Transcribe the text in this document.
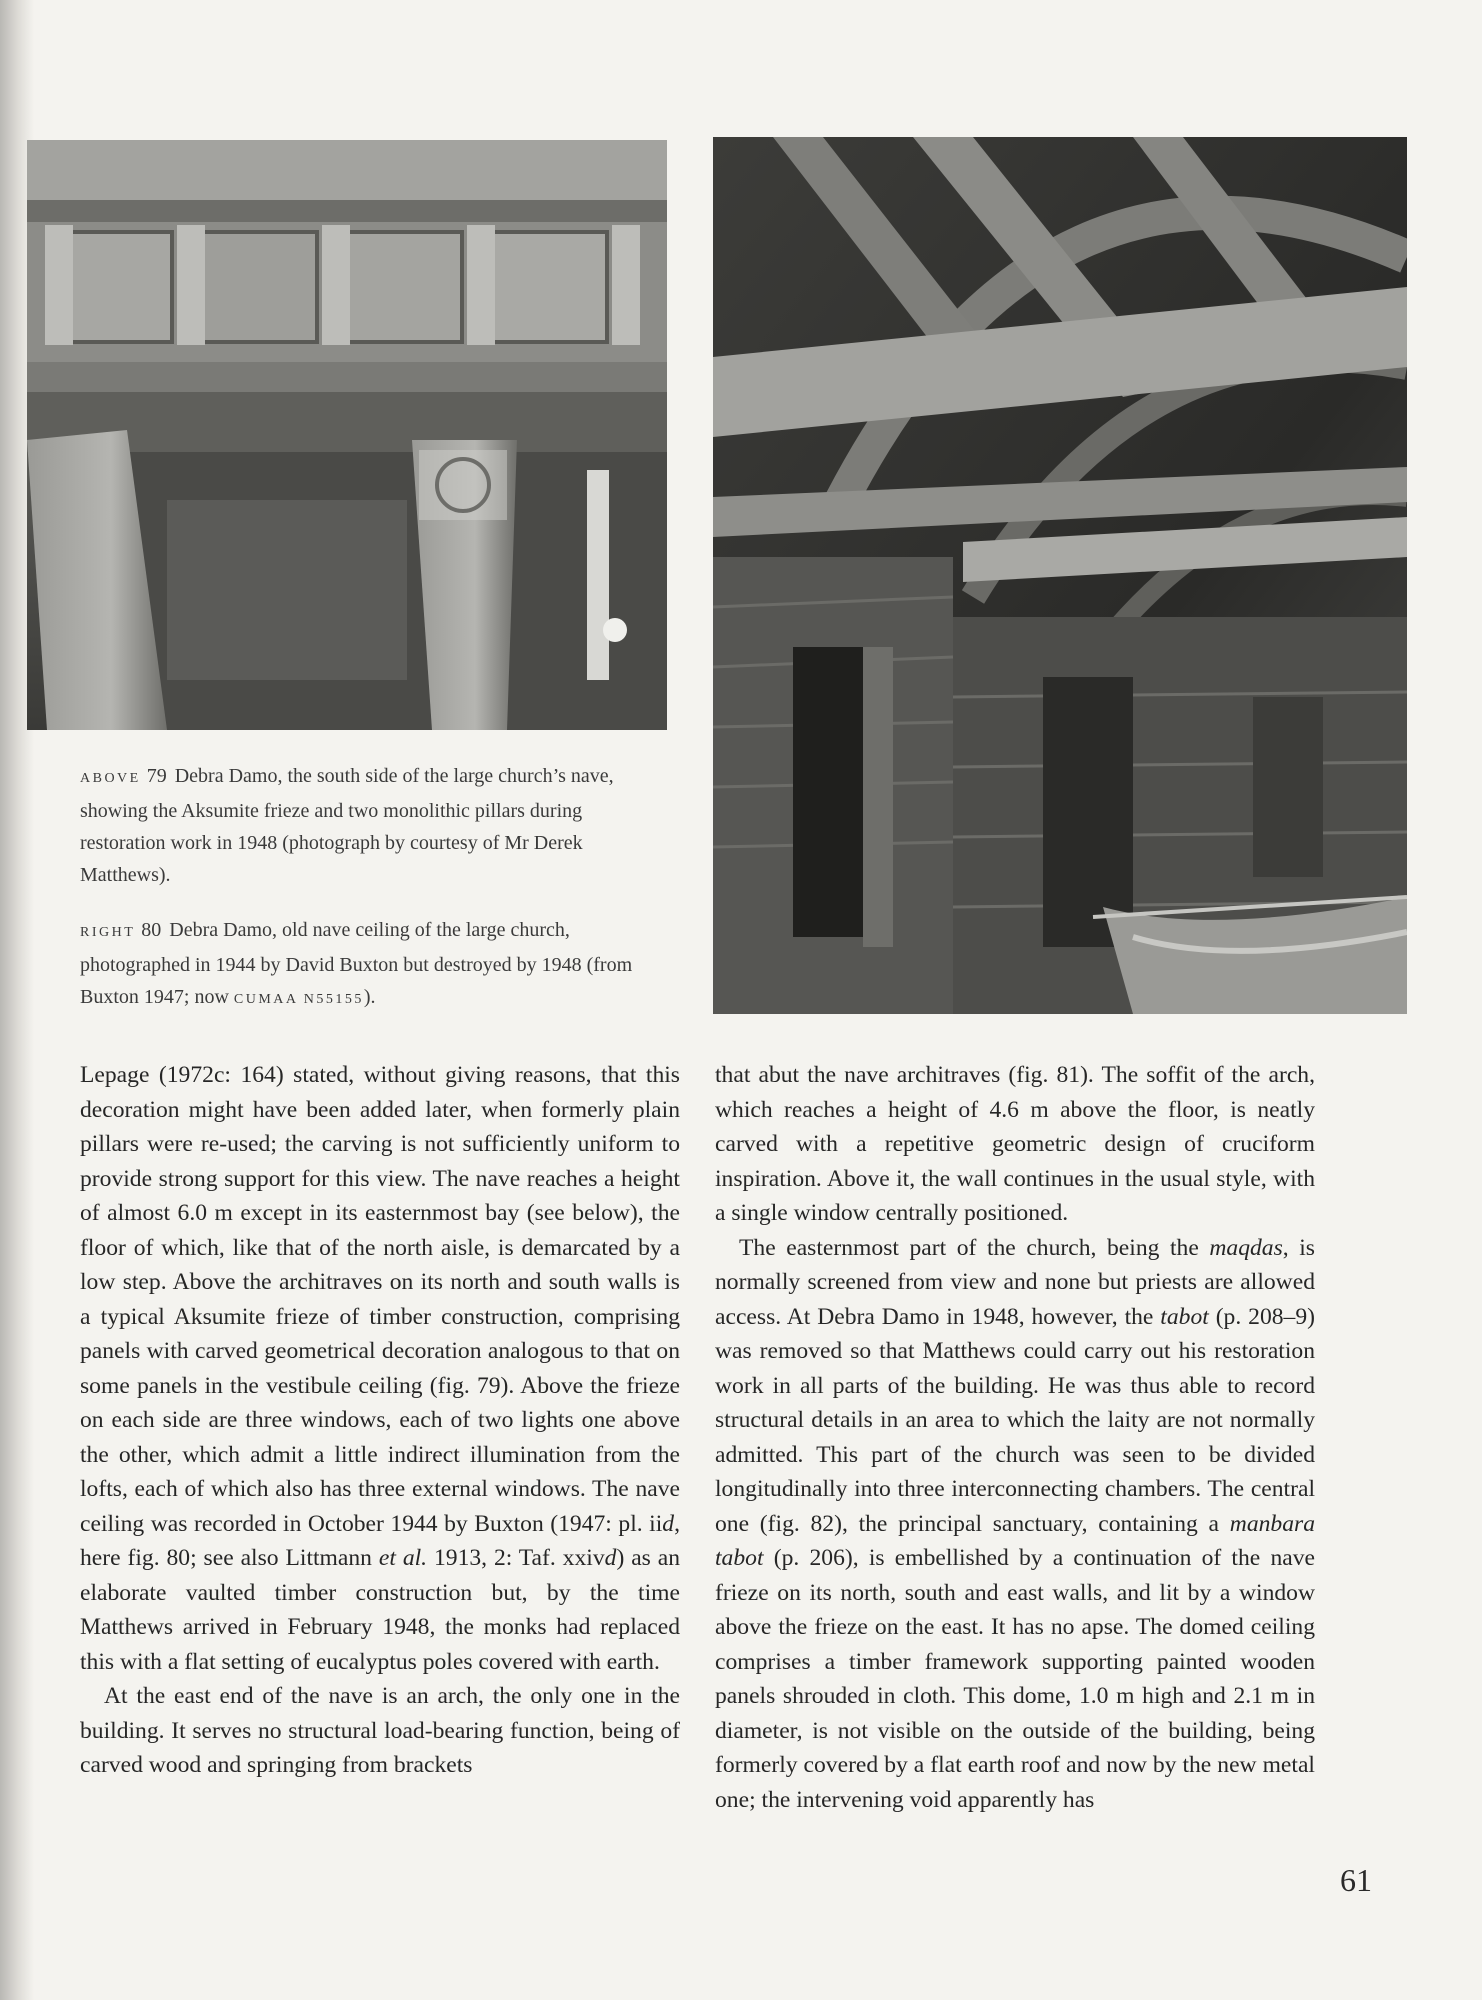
ABOVE 79 Debra Damo, the south side of the large church’s nave, showing the Aksumite frieze and two monolithic pillars during restoration work in 1948 (photograph by courtesy of Mr Derek Matthews).
RIGHT 80 Debra Damo, old nave ceiling of the large church, photographed in 1944 by David Buxton but destroyed by 1948 (from Buxton 1947; now CUMAA N55155).

Lepage (1972c: 164) stated, without giving reasons, that this decoration might have been added later, when formerly plain pillars were re-used; the carving is not sufficiently uniform to provide strong support for this view. The nave reaches a height of almost 6.0 m except in its easternmost bay (see below), the floor of which, like that of the north aisle, is demarcated by a low step. Above the architraves on its north and south walls is a typical Aksumite frieze of timber construction, comprising panels with carved geometrical decoration analogous to that on some panels in the vestibule ceiling (fig. 79). Above the frieze on each side are three windows, each of two lights one above the other, which admit a little indirect illumination from the lofts, each of which also has three external windows. The nave ceiling was recorded in October 1944 by Buxton (1947: pl. iid, here fig. 80; see also Littmann et al. 1913, 2: Taf. xxivd) as an elaborate vaulted timber construction but, by the time Matthews arrived in February 1948, the monks had replaced this with a flat setting of eucalyptus poles covered with earth.

At the east end of the nave is an arch, the only one in the building. It serves no structural load-bearing function, being of carved wood and springing from brackets

that abut the nave architraves (fig. 81). The soffit of the arch, which reaches a height of 4.6 m above the floor, is neatly carved with a repetitive geometric design of cruciform inspiration. Above it, the wall continues in the usual style, with a single window centrally positioned.

The easternmost part of the church, being the maqdas, is normally screened from view and none but priests are allowed access. At Debra Damo in 1948, however, the tabot (p. 208–9) was removed so that Matthews could carry out his restoration work in all parts of the building. He was thus able to record structural details in an area to which the laity are not normally admitted. This part of the church was seen to be divided longitudinally into three interconnecting chambers. The central one (fig. 82), the principal sanctuary, containing a manbara tabot (p. 206), is embellished by a continuation of the nave frieze on its north, south and east walls, and lit by a window above the frieze on the east. It has no apse. The domed ceiling comprises a timber framework supporting painted wooden panels shrouded in cloth. This dome, 1.0 m high and 2.1 m in diameter, is not visible on the outside of the building, being formerly covered by a flat earth roof and now by the new metal one; the intervening void apparently has

61
